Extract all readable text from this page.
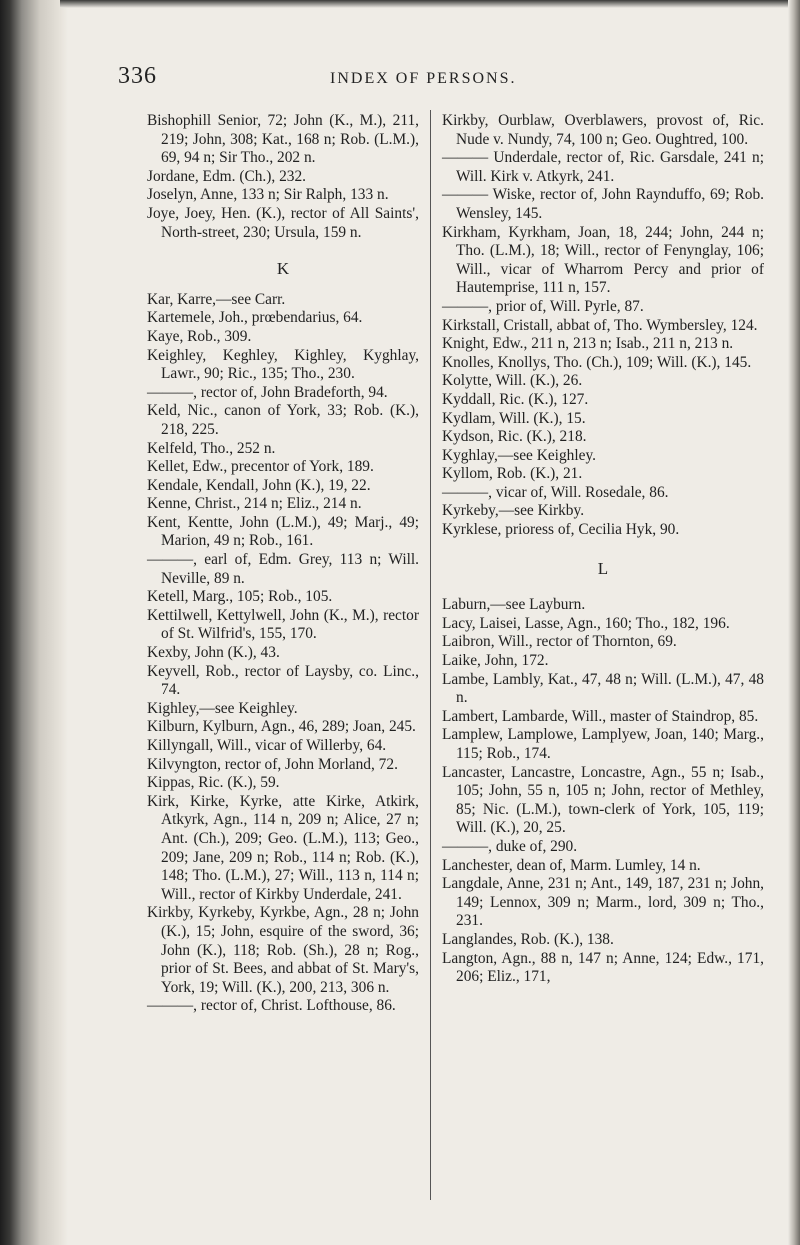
336	INDEX OF PERSONS.

Bishophill Senior, 72; John (K., M.), 211, 219; John, 308; Kat., 168 n; Rob. (L.M.), 69, 94 n; Sir Tho., 202 n.

Jordane, Edm. (Ch.), 232.

Joselyn, Anne, 133 n; Sir Ralph, 133 n.

Joye, Joey, Hen. (K.), rector of All Saints', North-street, 230; Ursula, 159 n.

K

Kar, Karre,—see Carr.

Kartemele, Joh., prœbendarius, 64.

Kaye, Rob., 309.

Keighley, Keghley, Kighley, Kyghlay, Lawr., 90; Ric., 135; Tho., 230.

———, rector of, John Bradeforth, 94.

Keld, Nic., canon of York, 33; Rob. (K.), 218, 225.

Kelfeld, Tho., 252 n.

Kellet, Edw., precentor of York, 189.

Kendale, Kendall, John (K.), 19, 22.

Kenne, Christ., 214 n; Eliz., 214 n.

Kent, Kentte, John (L.M.), 49; Marj., 49; Marion, 49 n; Rob., 161.

———, earl of, Edm. Grey, 113 n; Will. Neville, 89 n.

Ketell, Marg., 105; Rob., 105.

Kettilwell, Kettylwell, John (K., M.), rector of St. Wilfrid's, 155, 170.

Kexby, John (K.), 43.

Keyvell, Rob., rector of Laysby, co. Linc., 74.

Kighley,—see Keighley.

Kilburn, Kylburn, Agn., 46, 289; Joan, 245.

Killyngall, Will., vicar of Willerby, 64.

Kilvyngton, rector of, John Morland, 72.

Kippas, Ric. (K.), 59.

Kirk, Kirke, Kyrke, atte Kirke, Atkirk, Atkyrk, Agn., 114 n, 209 n; Alice, 27 n; Ant. (Ch.), 209; Geo. (L.M.), 113; Geo., 209; Jane, 209 n; Rob., 114 n; Rob. (K.), 148; Tho. (L.M.), 27; Will., 113 n, 114 n; Will., rector of Kirkby Underdale, 241.

Kirkby, Kyrkeby, Kyrkbe, Agn., 28 n; John (K.), 15; John, esquire of the sword, 36; John (K.), 118; Rob. (Sh.), 28 n; Rog., prior of St. Bees, and abbat of St. Mary's, York, 19; Will. (K.), 200, 213, 306 n.

———, rector of, Christ. Lofthouse, 86.

Kirkby, Ourblaw, Overblawers, provost of, Ric. Nude v. Nundy, 74, 100 n; Geo. Oughtred, 100.

——— Underdale, rector of, Ric. Garsdale, 241 n; Will. Kirk v. Atkyrk, 241.

——— Wiske, rector of, John Raynduffo, 69; Rob. Wensley, 145.

Kirkham, Kyrkham, Joan, 18, 244; John, 244 n; Tho. (L.M.), 18; Will., rector of Fenynglay, 106; Will., vicar of Wharrom Percy and prior of Hautemprise, 111 n, 157.

———, prior of, Will. Pyrle, 87.

Kirkstall, Cristall, abbat of, Tho. Wymbersley, 124.

Knight, Edw., 211 n, 213 n; Isab., 211 n, 213 n.

Knolles, Knollys, Tho. (Ch.), 109; Will. (K.), 145.

Kolytte, Will. (K.), 26.

Kyddall, Ric. (K.), 127.

Kydlam, Will. (K.), 15.

Kydson, Ric. (K.), 218.

Kyghlay,—see Keighley.

Kyllom, Rob. (K.), 21.

———, vicar of, Will. Rosedale, 86.

Kyrkeby,—see Kirkby.

Kyrklese, prioress of, Cecilia Hyk, 90.

L

Laburn,—see Layburn.

Lacy, Laisei, Lasse, Agn., 160; Tho., 182, 196.

Laibron, Will., rector of Thornton, 69.

Laike, John, 172.

Lambe, Lambly, Kat., 47, 48 n; Will. (L.M.), 47, 48 n.

Lambert, Lambarde, Will., master of Staindrop, 85.

Lamplew, Lamplowe, Lamplyew, Joan, 140; Marg., 115; Rob., 174.

Lancaster, Lancastre, Loncastre, Agn., 55 n; Isab., 105; John, 55 n, 105 n; John, rector of Methley, 85; Nic. (L.M.), town-clerk of York, 105, 119; Will. (K.), 20, 25.

———, duke of, 290.

Lanchester, dean of, Marm. Lumley, 14 n.

Langdale, Anne, 231 n; Ant., 149, 187, 231 n; John, 149; Lennox, 309 n; Marm., lord, 309 n; Tho., 231.

Langlandes, Rob. (K.), 138.

Langton, Agn., 88 n, 147 n; Anne, 124; Edw., 171, 206; Eliz., 171,
